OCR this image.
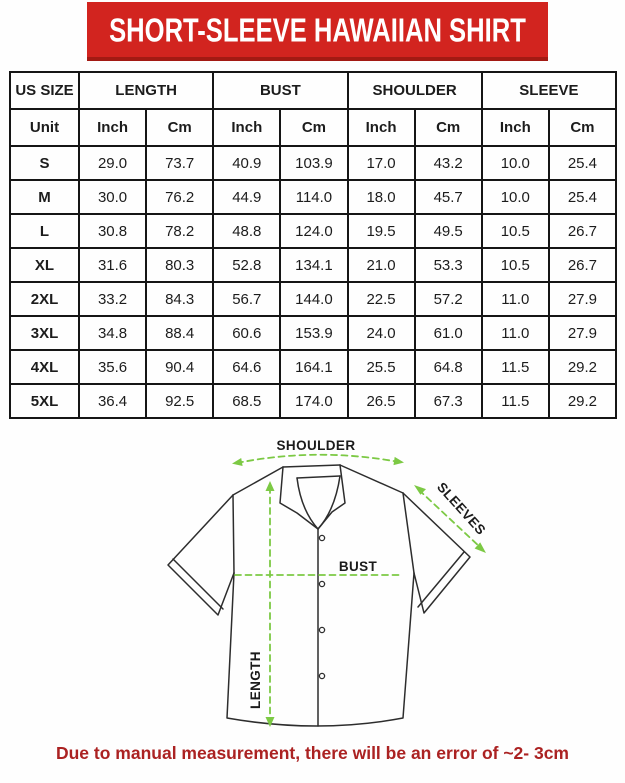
SHORT-SLEEVE HAWAIIAN SHIRT
US SIZE	LENGTH		BUST		SHOULDER		SLEEVE	
Unit	Inch	Cm	Inch	Cm	Inch	Cm	Inch	Cm
S	29.0	73.7	40.9	103.9	17.0	43.2	10.0	25.4
M	30.0	76.2	44.9	114.0	18.0	45.7	10.0	25.4
L	30.8	78.2	48.8	124.0	19.5	49.5	10.5	26.7
XL	31.6	80.3	52.8	134.1	21.0	53.3	10.5	26.7
2XL	33.2	84.3	56.7	144.0	22.5	57.2	11.0	27.9
3XL	34.8	88.4	60.6	153.9	24.0	61.0	11.0	27.9
4XL	35.6	90.4	64.6	164.1	25.5	64.8	11.5	29.2
5XL	36.4	92.5	68.5	174.0	26.5	67.3	11.5	29.2
SHOULDER
SLEEVES
BUST
LENGTH
Due to manual measurement, there will be an error of ~2- 3cm
